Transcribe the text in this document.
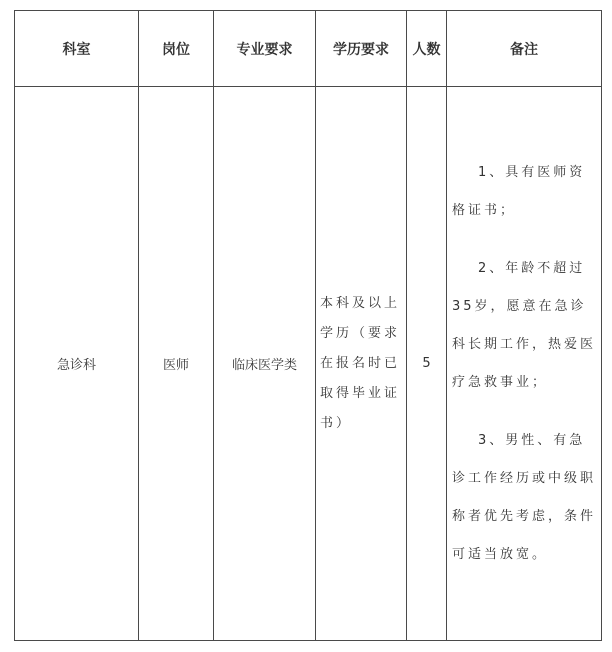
科室	岗位	专业要求	学历要求	人数	备注
急诊科	医师	临床医学类	本科及以上学历（要求在报名时已取得毕业证书）	5	1、具有医师资格证书；

2、年龄不超过35岁，愿意在急诊科长期工作，热爱医疗急救事业；

3、男性、有急诊工作经历或中级职称者优先考虑，条件可适当放宽。
